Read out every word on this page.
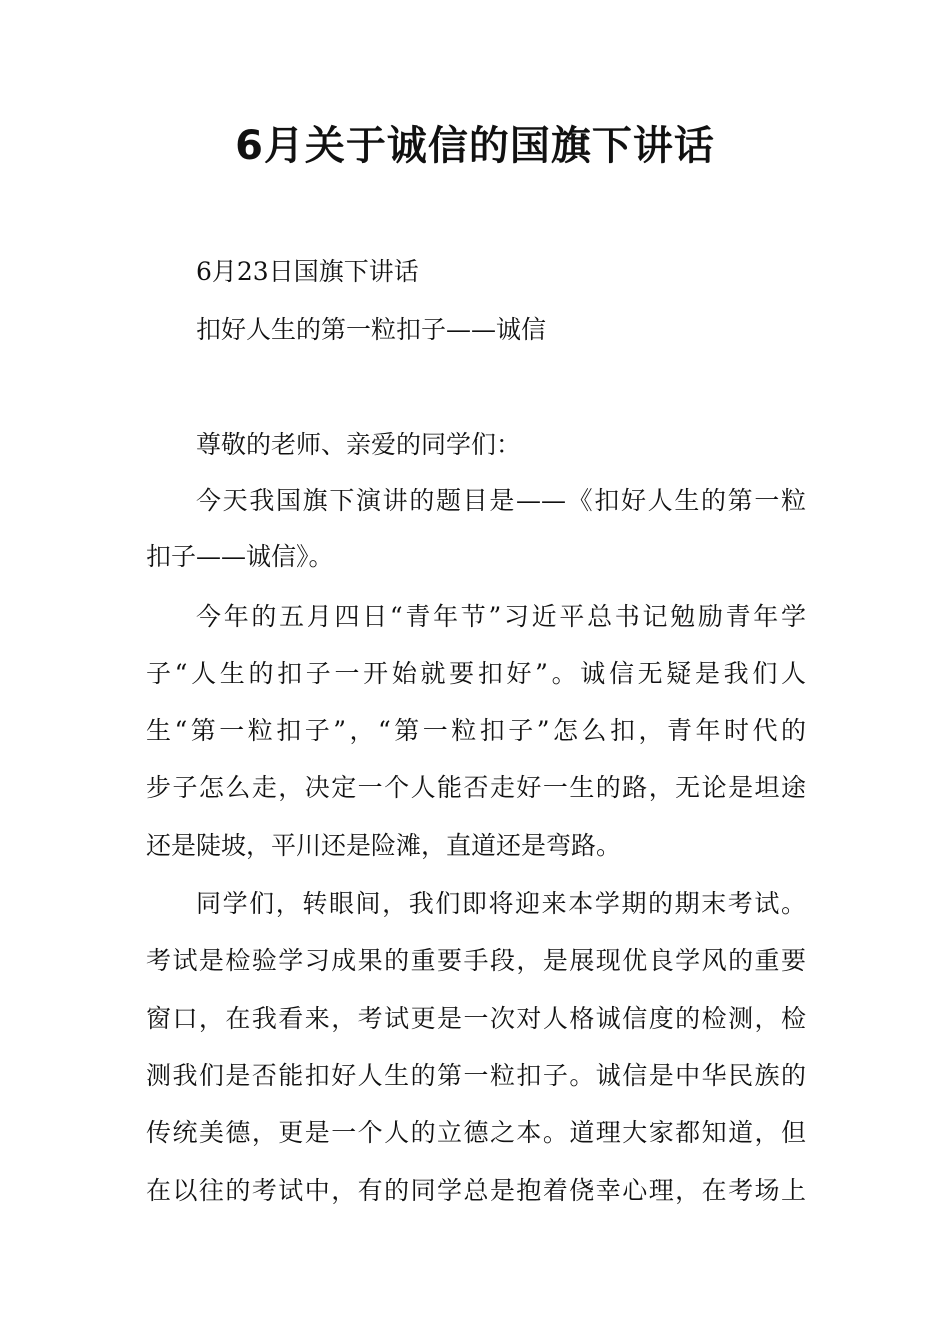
6月关于诚信的国旗下讲话
6月23日国旗下讲话
扣好人生的第一粒扣子——诚信
尊敬的老师、亲爱的同学们：
今天我国旗下演讲的题目是——《扣好人生的第一粒
扣子——诚信》。
今年的五月四日“青年节”习近平总书记勉励青年学
子“人生的扣子一开始就要扣好”。诚信无疑是我们人
生“第一粒扣子”，“第一粒扣子”怎么扣，青年时代的
步子怎么走，决定一个人能否走好一生的路，无论是坦途
还是陡坡，平川还是险滩，直道还是弯路。
同学们，转眼间，我们即将迎来本学期的期末考试。
考试是检验学习成果的重要手段，是展现优良学风的重要
窗口，在我看来，考试更是一次对人格诚信度的检测，检
测我们是否能扣好人生的第一粒扣子。诚信是中华民族的
传统美德，更是一个人的立德之本。道理大家都知道，但
在以往的考试中，有的同学总是抱着侥幸心理，在考场上
